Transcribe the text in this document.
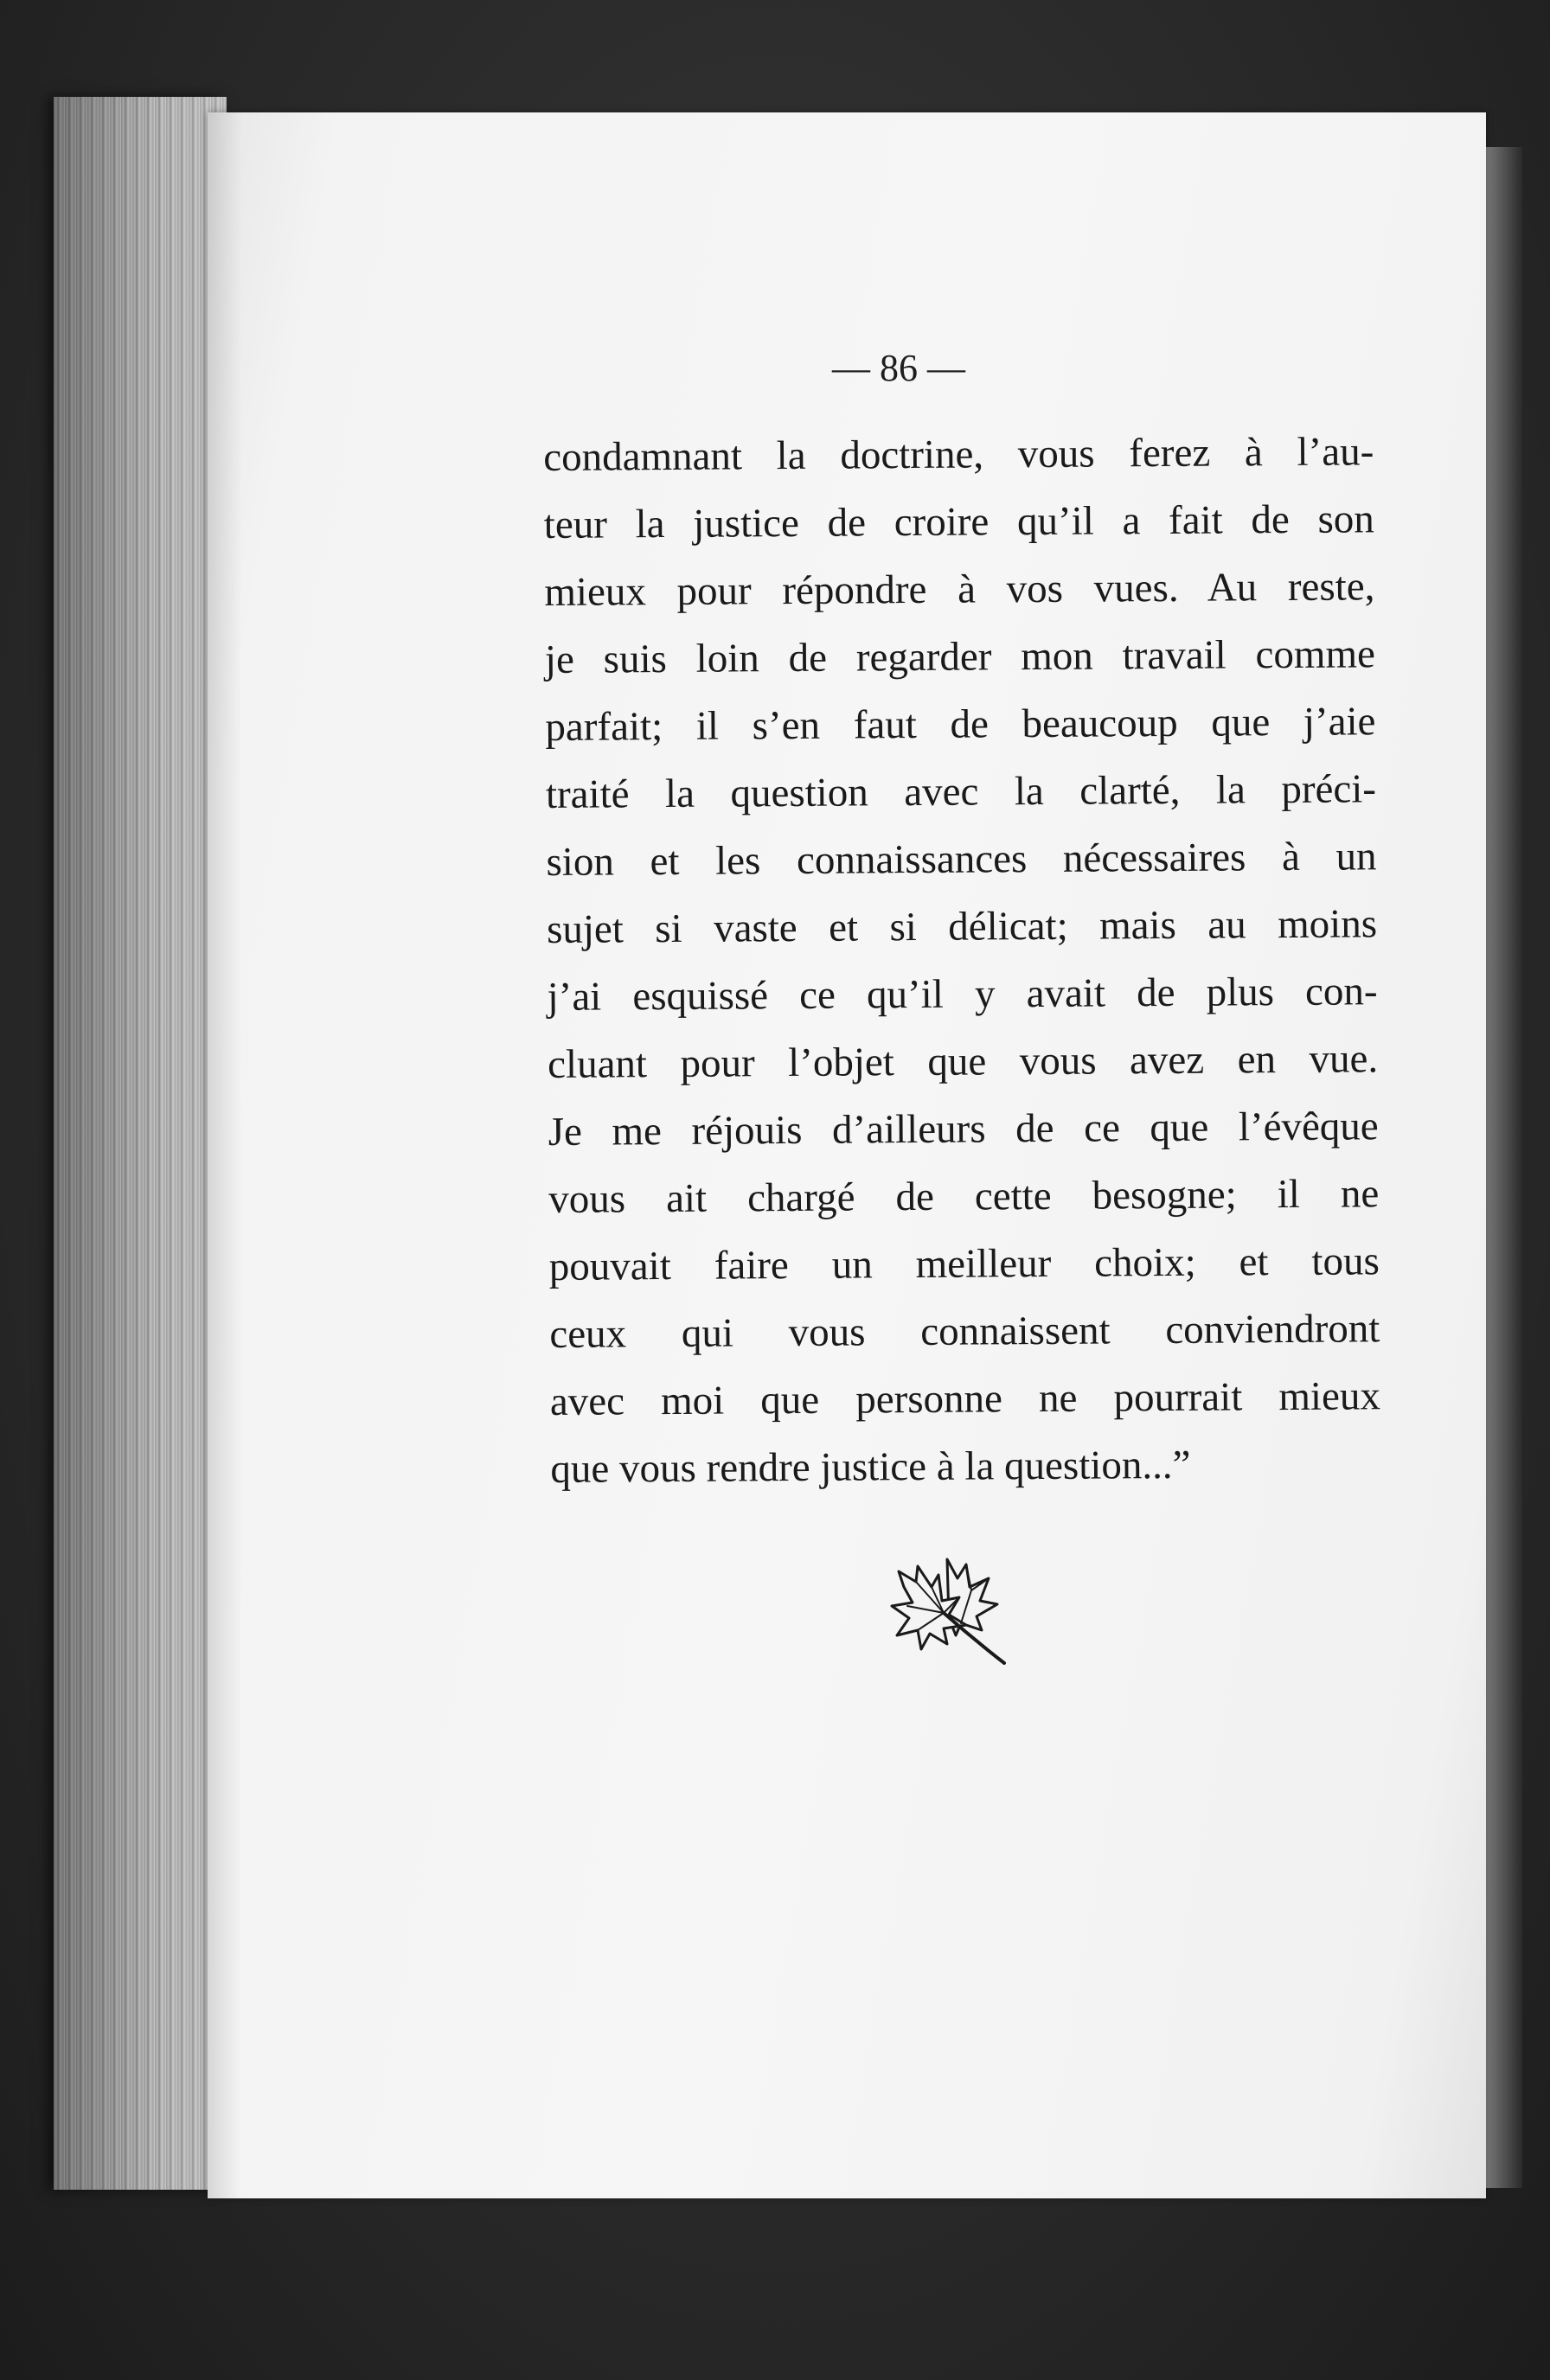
— 86 —
condamnant la doctrine, vous ferez à l’au-
teur la justice de croire qu’il a fait de son
mieux pour répondre à vos vues. Au reste,
je suis loin de regarder mon travail comme
parfait; il s’en faut de beaucoup que j’aie
traité la question avec la clarté, la préci-
sion et les connaissances nécessaires à un
sujet si vaste et si délicat; mais au moins
j’ai esquissé ce qu’il y avait de plus con-
cluant pour l’objet que vous avez en vue.
Je me réjouis d’ailleurs de ce que l’évêque
vous ait chargé de cette besogne; il ne
pouvait faire un meilleur choix; et tous
ceux qui vous connaissent conviendront
avec moi que personne ne pourrait mieux
que vous rendre justice à la question...”
